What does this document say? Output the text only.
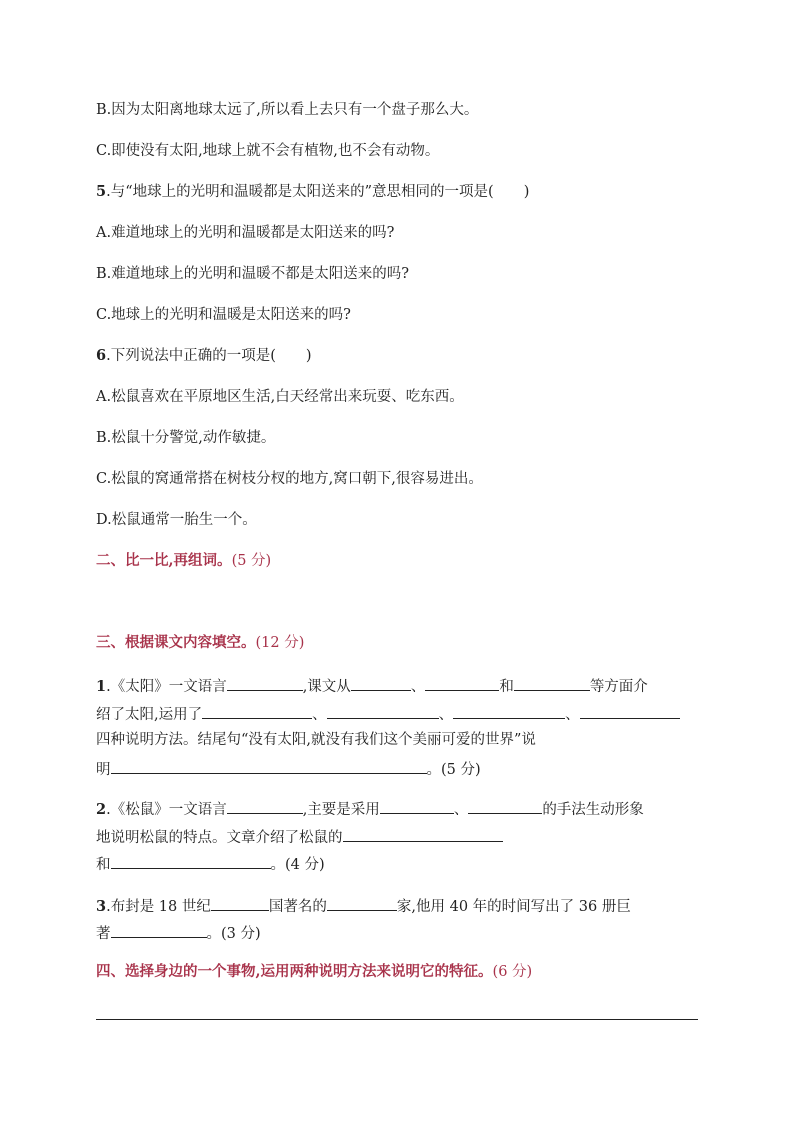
B.因为太阳离地球太远了,所以看上去只有一个盘子那么大。
C.即使没有太阳,地球上就不会有植物,也不会有动物。
5.与“地球上的光明和温暖都是太阳送来的”意思相同的一项是( )
A.难道地球上的光明和温暖都是太阳送来的吗?
B.难道地球上的光明和温暖不都是太阳送来的吗?
C.地球上的光明和温暖是太阳送来的吗?
6.下列说法中正确的一项是( )
A.松鼠喜欢在平原地区生活,白天经常出来玩耍、吃东西。
B.松鼠十分警觉,动作敏捷。
C.松鼠的窝通常搭在树枝分杈的地方,窝口朝下,很容易进出。
D.松鼠通常一胎生一个。
二、比一比,再组词。(5 分)
三、根据课文内容填空。(12 分)
1.《太阳》一文语言	,课文从	、	和	等方面介
绍了太阳,运用了	、	、	、
四种说明方法。结尾句“没有太阳,就没有我们这个美丽可爱的世界”说
明	。(5 分)
2.《松鼠》一文语言	,主要是采用	、	的手法生动形象
地说明松鼠的特点。文章介绍了松鼠的
和	。(4 分)
3.布封是 18 世纪	国著名的	家,他用 40 年的时间写出了 36 册巨
著	。(3 分)
四、选择身边的一个事物,运用两种说明方法来说明它的特征。(6 分)
